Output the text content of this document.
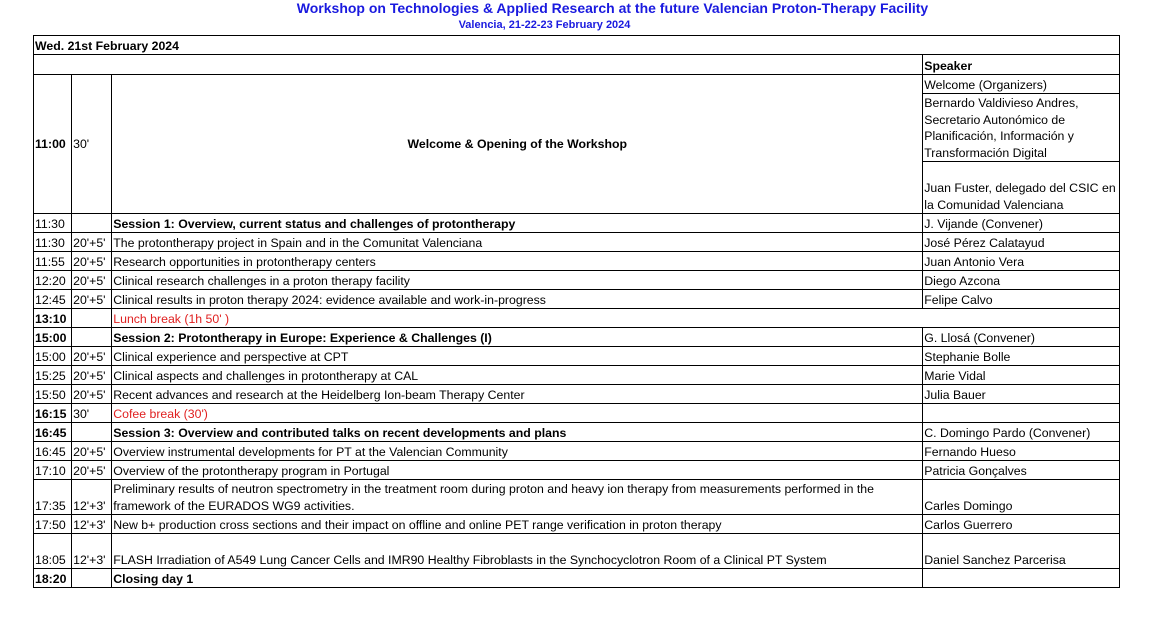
Workshop on Technologies & Applied Research at the future Valencian Proton-Therapy Facility
Valencia, 21-22-23 February 2024
Wed. 21st February 2024			
			Speaker
11:00	30'	Welcome & Opening of the Workshop	Welcome (Organizers)
			Bernardo Valdivieso Andres, Secretario Autonómico de Planificación, Información y Transformación Digital
			Juan Fuster, delegado del CSIC en la Comunidad Valenciana
11:30		Session 1: Overview, current status and challenges of protontherapy	J. Vijande (Convener)
11:30	20'+5'	The protontherapy project in Spain and in the Comunitat Valenciana	José Pérez Calatayud
11:55	20'+5'	Research opportunities in protontherapy centers	Juan Antonio Vera
12:20	20'+5'	Clinical research challenges in a proton therapy facility	Diego Azcona
12:45	20'+5'	Clinical results in proton therapy 2024: evidence available and work-in-progress	Felipe Calvo
13:10		Lunch break (1h 50' )	
15:00		Session 2: Protontherapy in Europe: Experience & Challenges (I)	G. Llosá (Convener)
15:00	20'+5'	Clinical experience and perspective at CPT	Stephanie Bolle
15:25	20'+5'	Clinical aspects and challenges in protontherapy at CAL	Marie Vidal
15:50	20'+5'	Recent advances and research at the Heidelberg Ion-beam Therapy Center	Julia Bauer
16:15	30'	Cofee break (30')	
16:45		Session 3: Overview and contributed talks on recent developments and plans	C. Domingo Pardo (Convener)
16:45	20'+5'	Overview instrumental developments for PT at the Valencian Community	Fernando Hueso
17:10	20'+5'	Overview of the protontherapy program in Portugal	Patricia Gonçalves
17:35	12'+3'	Preliminary results of neutron spectrometry in the treatment room during proton and heavy ion therapy from measurements performed in the framework of the EURADOS WG9 activities.	Carles Domingo
17:50	12'+3'	New b+ production cross sections and their impact on offline and online PET range verification in proton therapy	Carlos Guerrero
18:05	12'+3'	FLASH Irradiation of A549 Lung Cancer Cells and IMR90 Healthy Fibroblasts in the Synchocyclotron Room of a Clinical PT System	Daniel Sanchez Parcerisa
18:20		Closing day 1	
